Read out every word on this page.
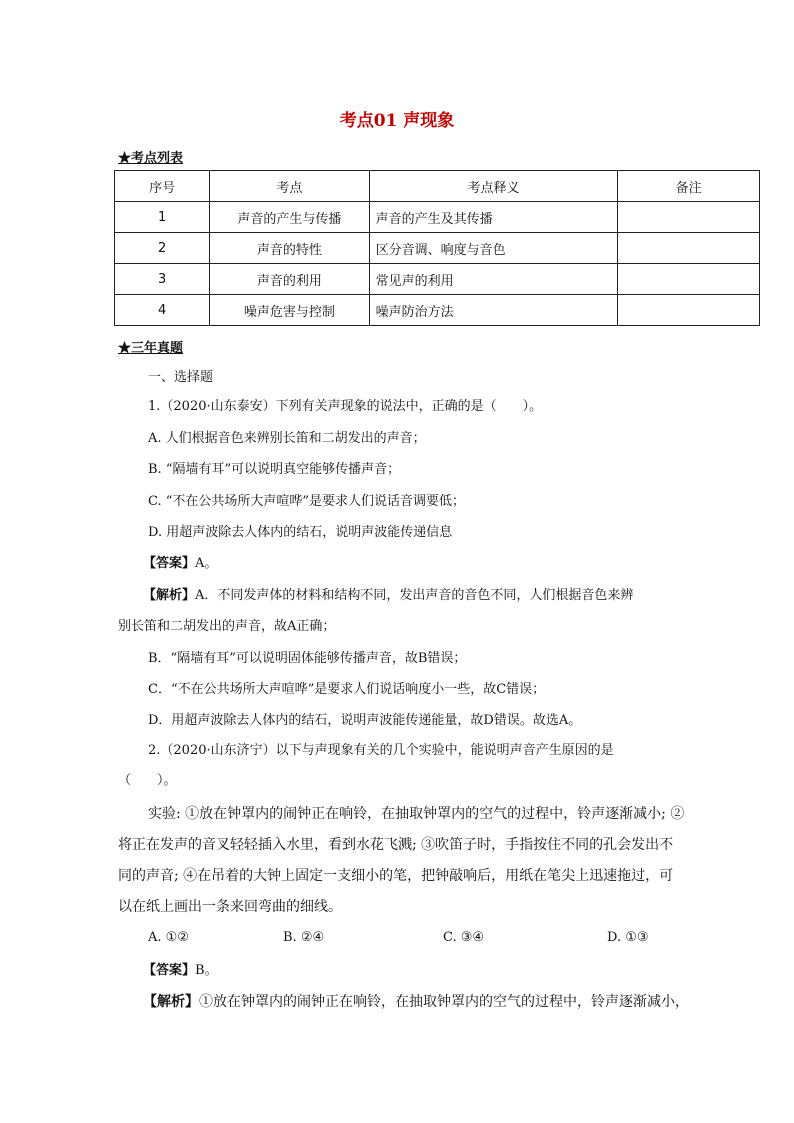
考点01 声现象
★考点列表
序号	考点	考点释义	备注
1	声音的产生与传播	声音的产生及其传播	
2	声音的特性	区分音调、响度与音色	
3	声音的利用	常见声的利用	
4	噪声危害与控制	噪声防治方法	
★三年真题
一、选择题
1.（2020·山东泰安）下列有关声现象的说法中，正确的是（　　）。
A. 人们根据音色来辨别长笛和二胡发出的声音；
B. “隔墙有耳”可以说明真空能够传播声音；
C. “不在公共场所大声喧哗”是要求人们说话音调要低；
D. 用超声波除去人体内的结石，说明声波能传递信息
【答案】A。
【解析】A．不同发声体的材料和结构不同，发出声音的音色不同，人们根据音色来辨
别长笛和二胡发出的声音，故A正确；
B．“隔墙有耳”可以说明固体能够传播声音，故B错误；
C．“不在公共场所大声喧哗”是要求人们说话响度小一些，故C错误；
D．用超声波除去人体内的结石，说明声波能传递能量，故D错误。故选A。
2.（2020·山东济宁）以下与声现象有关的几个实验中，能说明声音产生原因的是
（　　）。
实验: ①放在钟罩内的闹钟正在响铃，在抽取钟罩内的空气的过程中，铃声逐渐减小; ②
将正在发声的音叉轻轻插入水里，看到水花飞溅; ③吹笛子时，手指按住不同的孔会发出不
同的声音; ④在吊着的大钟上固定一支细小的笔，把钟敲响后，用纸在笔尖上迅速拖过，可
以在纸上画出一条来回弯曲的细线。
A. ①②	B. ②④	C. ③④	D. ①③
【答案】B。
【解析】①放在钟罩内的闹钟正在响铃，在抽取钟罩内的空气的过程中，铃声逐渐减小，
